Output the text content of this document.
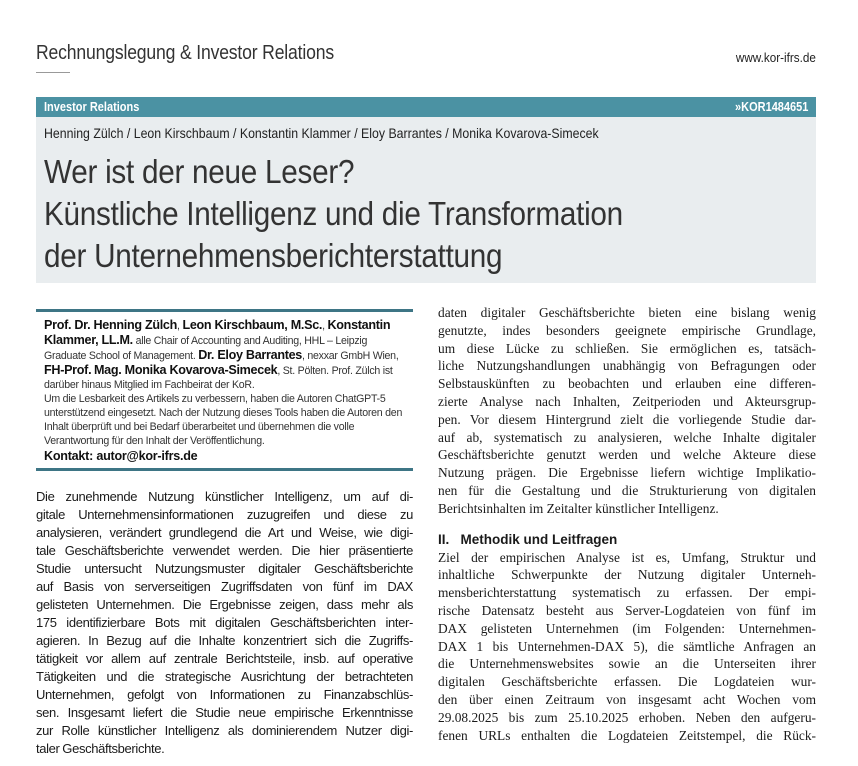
Rechnungslegung & Investor Relations	www.kor-ifrs.de
Investor Relations	»KOR1484651
Henning Zülch / Leon Kirschbaum / Konstantin Klammer / Eloy Barrantes / Monika Kovarova-Simecek
Wer ist der neue Leser?
Künstliche Intelligenz und die Transformation
der Unternehmensberichterstattung
Prof. Dr. Henning Zülch, Leon Kirschbaum, M.Sc., Konstantin Klammer, LL.M. alle Chair of Accounting and Auditing, HHL – Leipzig Graduate School of Management. Dr. Eloy Barrantes, nexxar GmbH Wien, FH-Prof. Mag. Monika Kovarova-Simecek, St. Pölten. Prof. Zülch ist darüber hinaus Mitglied im Fachbeirat der KoR.
Um die Lesbarkeit des Artikels zu verbessern, haben die Autoren ChatGPT-5 unterstützend eingesetzt. Nach der Nutzung dieses Tools haben die Autoren den Inhalt überprüft und bei Bedarf überarbeitet und übernehmen die volle Verantwortung für den Inhalt der Veröffentlichung.
Kontakt: autor@kor-ifrs.de
Die zunehmende Nutzung künstlicher Intelligenz, um auf di-
gitale Unternehmensinformationen zuzugreifen und diese zu
analysieren, verändert grundlegend die Art und Weise, wie digi-
tale Geschäftsberichte verwendet werden. Die hier präsentierte
Studie untersucht Nutzungsmuster digitaler Geschäftsberichte
auf Basis von serverseitigen Zugriffsdaten von fünf im DAX
gelisteten Unternehmen. Die Ergebnisse zeigen, dass mehr als
175 identifizierbare Bots mit digitalen Geschäftsberichten inter-
agieren. In Bezug auf die Inhalte konzentriert sich die Zugriffs-
tätigkeit vor allem auf zentrale Berichtsteile, insb. auf operative
Tätigkeiten und die strategische Ausrichtung der betrachteten
Unternehmen, gefolgt von Informationen zu Finanzabschlüs-
sen. Insgesamt liefert die Studie neue empirische Erkenntnisse
zur Rolle künstlicher Intelligenz als dominierendem Nutzer digi-
taler Geschäftsberichte.
daten digitaler Geschäftsberichte bieten eine bislang wenig
genutzte, indes besonders geeignete empirische Grundlage,
um diese Lücke zu schließen. Sie ermöglichen es, tatsäch-
liche Nutzungshandlungen unabhängig von Befragungen oder
Selbstauskünften zu beobachten und erlauben eine differen-
zierte Analyse nach Inhalten, Zeitperioden und Akteursgrup-
pen. Vor diesem Hintergrund zielt die vorliegende Studie dar-
auf ab, systematisch zu analysieren, welche Inhalte digitaler
Geschäftsberichte genutzt werden und welche Akteure diese
Nutzung prägen. Die Ergebnisse liefern wichtige Implikatio-
nen für die Gestaltung und die Strukturierung von digitalen
Berichtsinhalten im Zeitalter künstlicher Intelligenz.
II.   Methodik und Leitfragen
Ziel der empirischen Analyse ist es, Umfang, Struktur und
inhaltliche Schwerpunkte der Nutzung digitaler Unterneh-
mensberichterstattung systematisch zu erfassen. Der empi-
rische Datensatz besteht aus Server-Logdateien von fünf im
DAX gelisteten Unternehmen (im Folgenden: Unternehmen-
DAX 1 bis Unternehmen-DAX 5), die sämtliche Anfragen an
die Unternehmenswebsites sowie an die Unterseiten ihrer
digitalen Geschäftsberichte erfassen. Die Logdateien wur-
den über einen Zeitraum von insgesamt acht Wochen vom
29.08.2025 bis zum 25.10.2025 erhoben. Neben den aufgeru-
fenen URLs enthalten die Logdateien Zeitstempel, die Rück-
